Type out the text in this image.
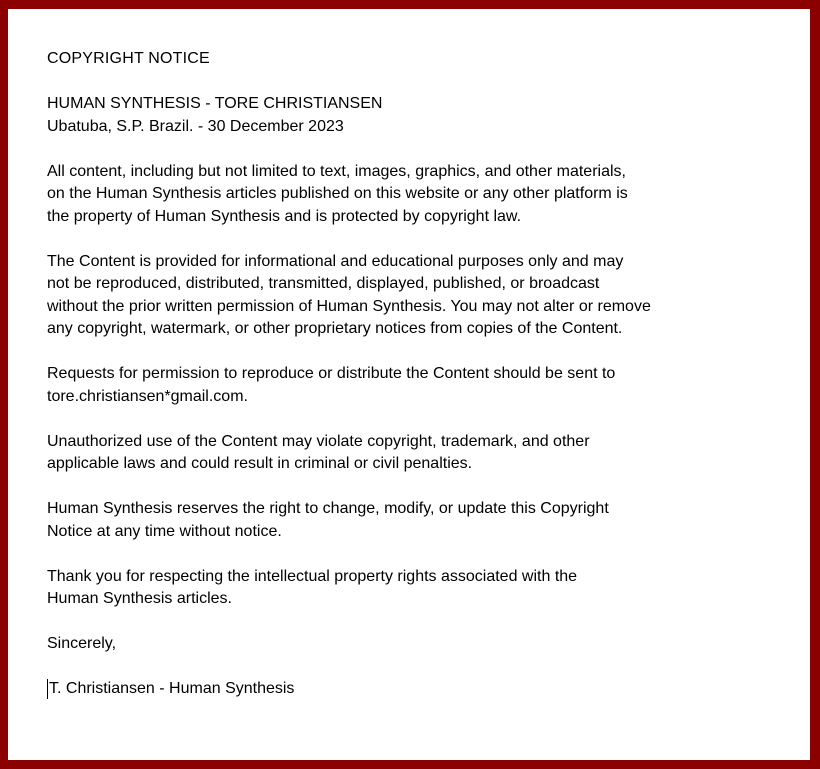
COPYRIGHT NOTICE
HUMAN SYNTHESIS - TORE CHRISTIANSEN
Ubatuba, S.P. Brazil. - 30 December 2023
All content, including but not limited to text, images, graphics, and other materials,
on the Human Synthesis articles published on this website or any other platform is
the property of Human Synthesis and is protected by copyright law.
The Content is provided for informational and educational purposes only and may
not be reproduced, distributed, transmitted, displayed, published, or broadcast
without the prior written permission of Human Synthesis. You may not alter or remove
any copyright, watermark, or other proprietary notices from copies of the Content.
Requests for permission to reproduce or distribute the Content should be sent to
tore.christiansen*gmail.com.
Unauthorized use of the Content may violate copyright, trademark, and other
applicable laws and could result in criminal or civil penalties.
Human Synthesis reserves the right to change, modify, or update this Copyright
Notice at any time without notice.
Thank you for respecting the intellectual property rights associated with the
Human Synthesis articles.
Sincerely,
T. Christiansen - Human Synthesis
